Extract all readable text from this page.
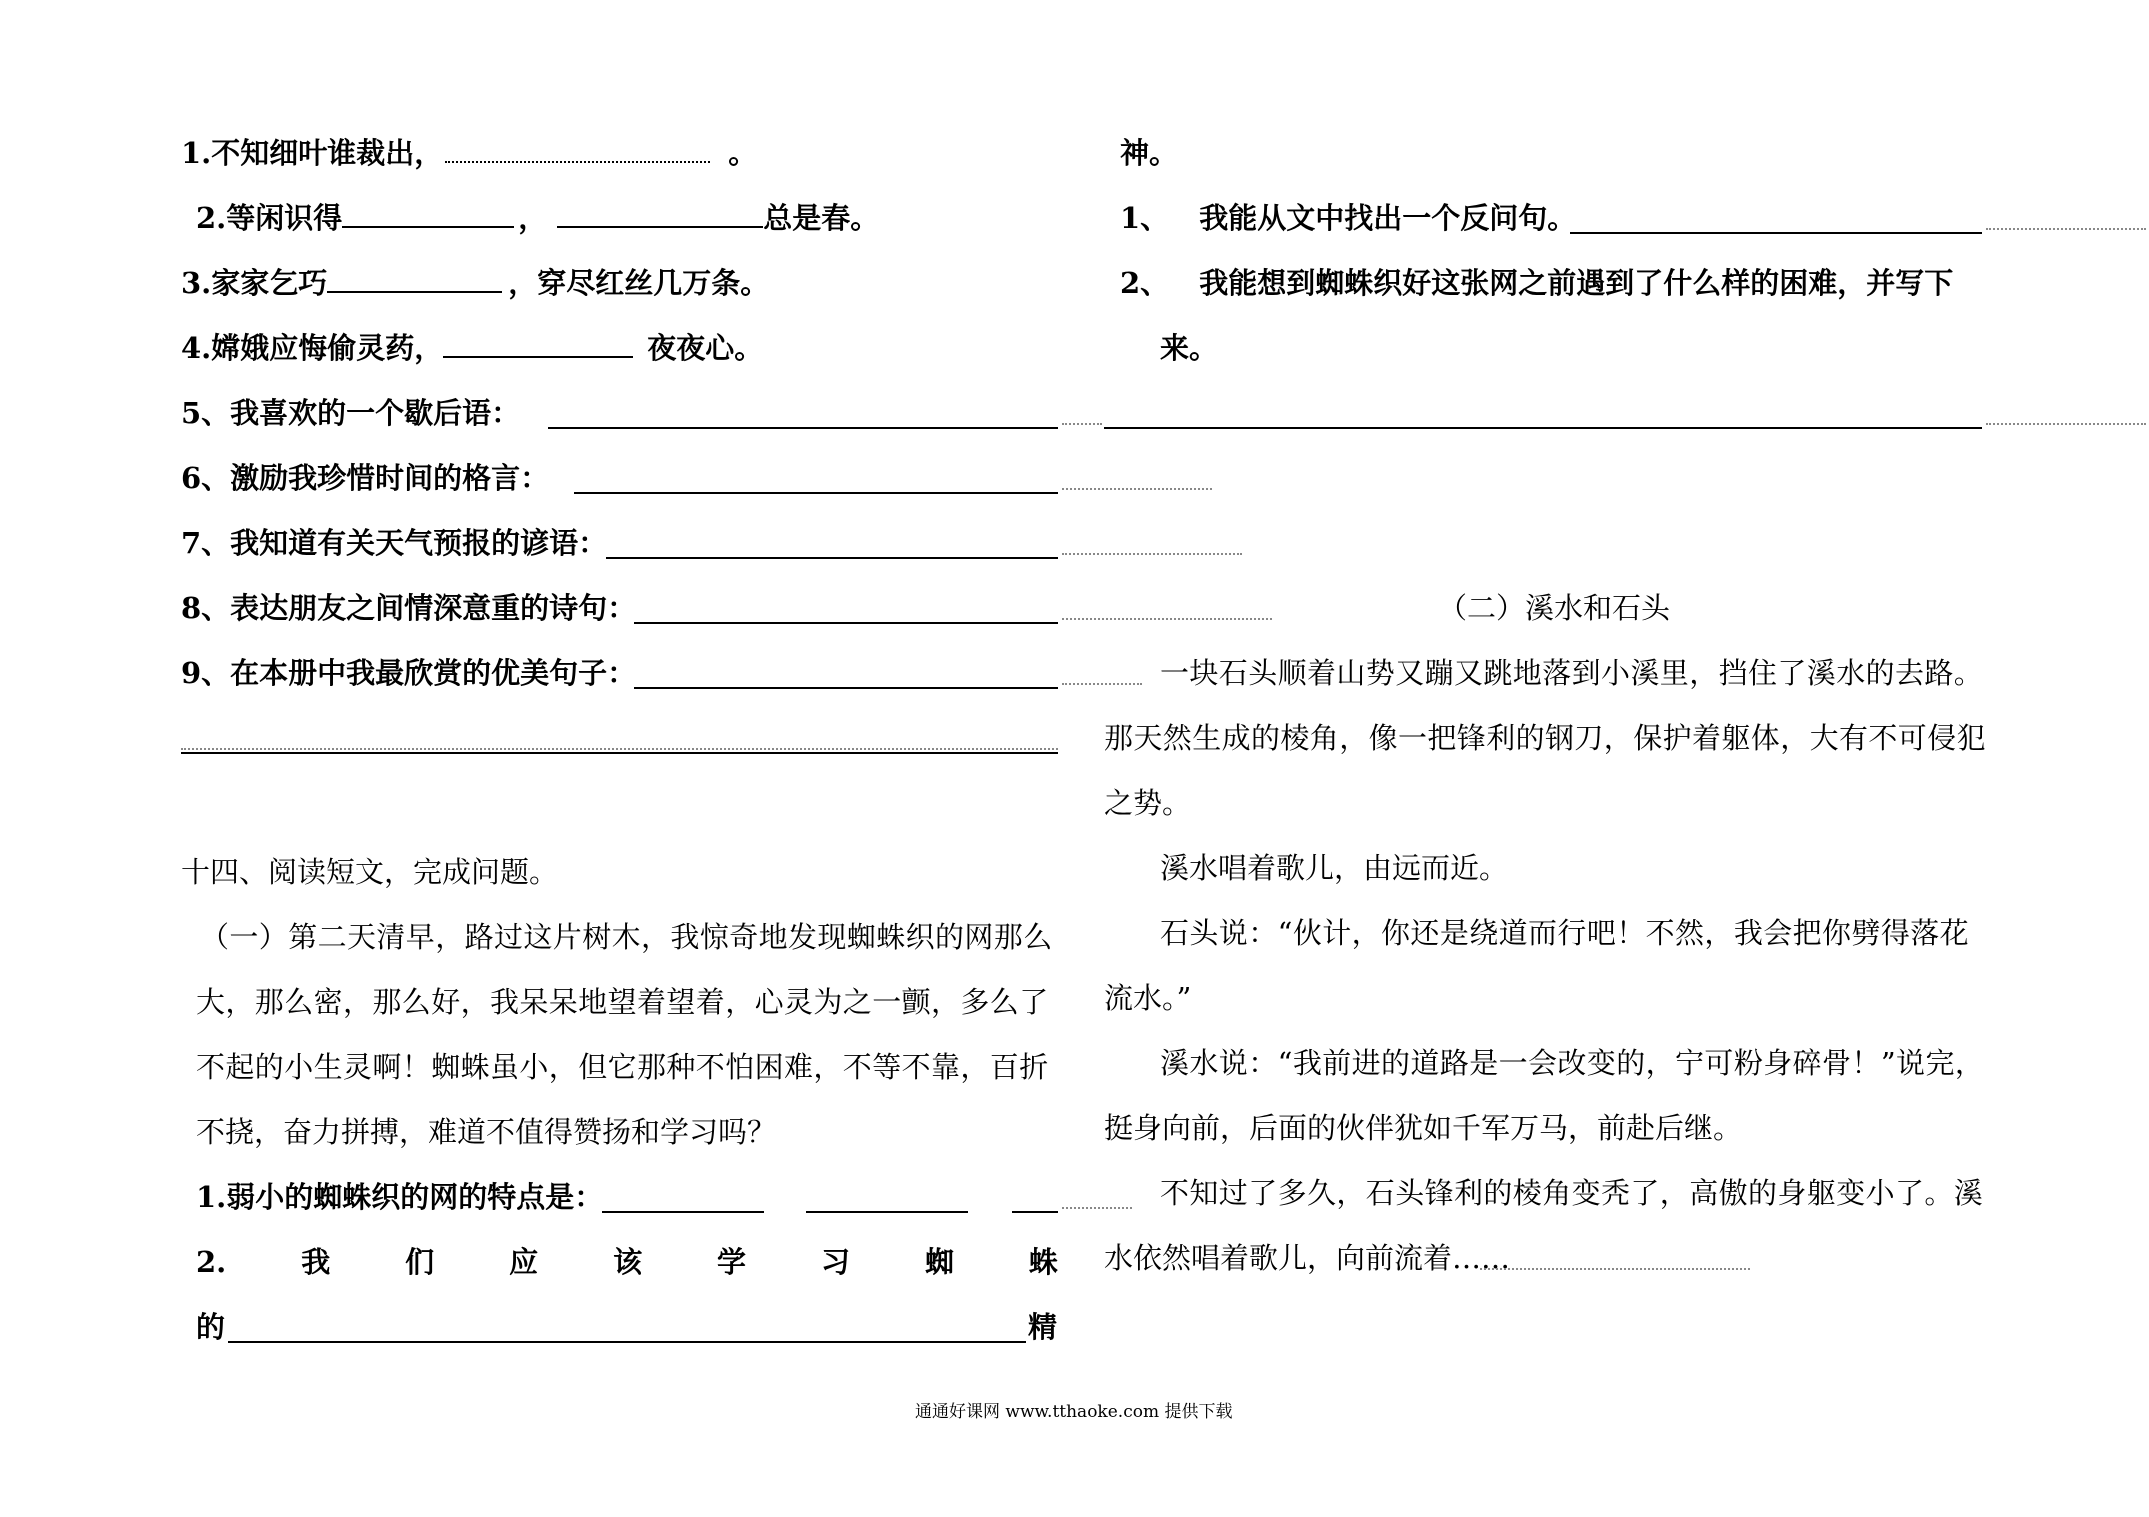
1.不知细叶谁裁出，	。
2.等闲识得	，	总是春。
3.家家乞巧	，穿尽红丝几万条。
4.嫦娥应悔偷灵药，	夜夜心。
5、我喜欢的一个歇后语：
6、激励我珍惜时间的格言：
7、我知道有关天气预报的谚语：
8、表达朋友之间情深意重的诗句：
9、在本册中我最欣赏的优美句子：
十四、阅读短文，完成问题。
（一）第二天清早，路过这片树木，我惊奇地发现蜘蛛织的网那么
大，那么密，那么好，我呆呆地望着望着，心灵为之一颤，多么了
不起的小生灵啊！蜘蛛虽小，但它那种不怕困难，不等不靠，百折
不挠，奋力拼搏，难道不值得赞扬和学习吗？
1.弱小的蜘蛛织的网的特点是：
2.	我	们	应	该	学	习	蜘	蛛
的	精
神。
1、 我能从文中找出一个反问句。
2、 我能想到蜘蛛织好这张网之前遇到了什么样的困难，并写下
来。
（二）溪水和石头
一块石头顺着山势又蹦又跳地落到小溪里，挡住了溪水的去路。
那天然生成的棱角，像一把锋利的钢刀，保护着躯体，大有不可侵犯
之势。
溪水唱着歌儿，由远而近。
石头说：“伙计，你还是绕道而行吧！不然，我会把你劈得落花
流水。”
溪水说：“我前进的道路是一会改变的，宁可粉身碎骨！”说完，
挺身向前，后面的伙伴犹如千军万马，前赴后继。
不知过了多久，石头锋利的棱角变秃了，高傲的身躯变小了。溪
水依然唱着歌儿，向前流着……
通通好课网 www.tthaoke.com 提供下载
